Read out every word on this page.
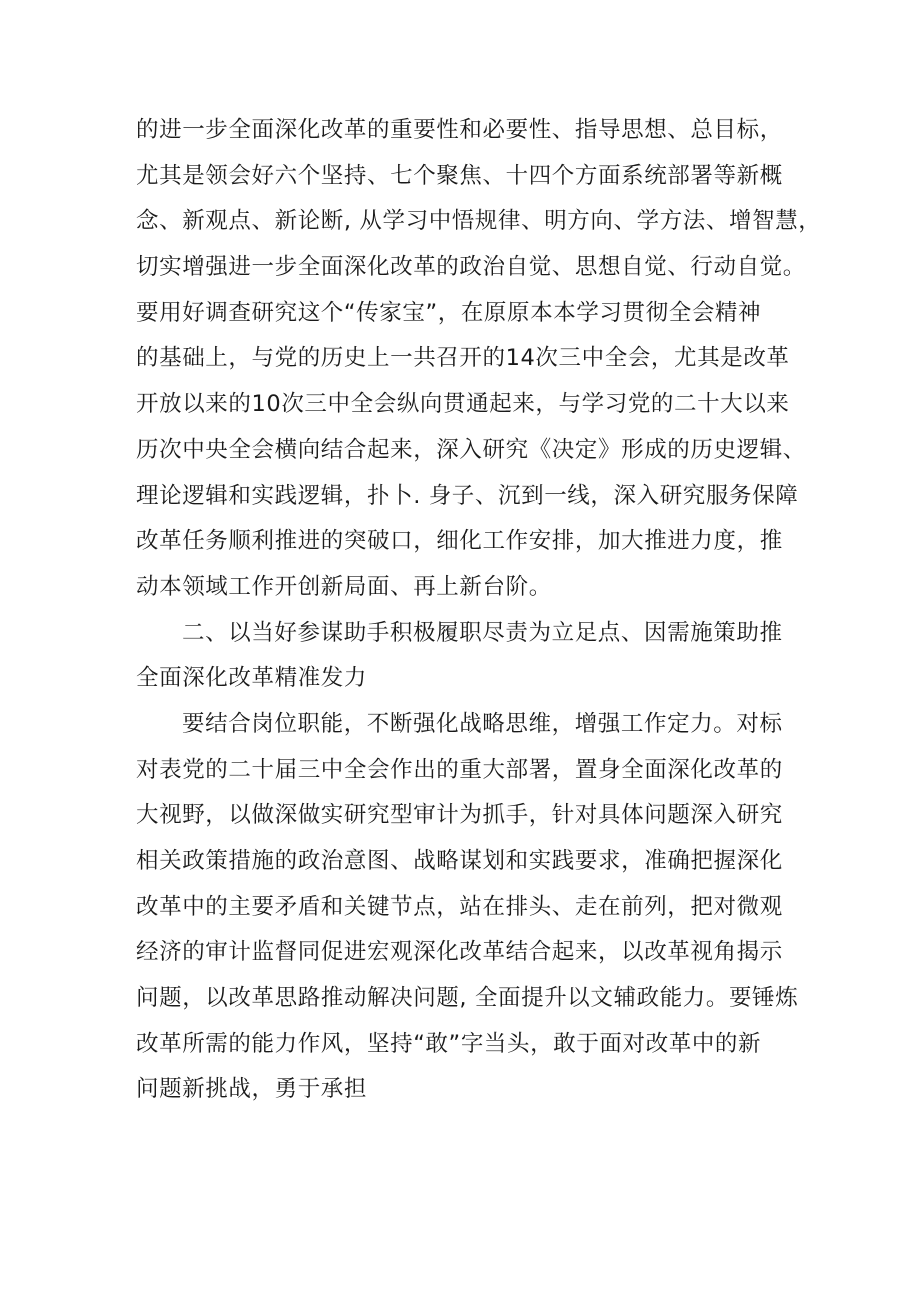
的进一步全面深化改革的重要性和必要性、指导思想、总目标，
尤其是领会好六个坚持、七个聚焦、十四个方面系统部署等新概
念、新观点、新论断, 从学习中悟规律、明方向、学方法、增智慧，
切实增强进一步全面深化改革的政治自觉、思想自觉、行动自觉。
要用好调查研究这个“传家宝”，在原原本本学习贯彻全会精神
的基础上，与党的历史上一共召开的14次三中全会，尤其是改革
开放以来的10次三中全会纵向贯通起来，与学习党的二十大以来
历次中央全会横向结合起来，深入研究《决定》形成的历史逻辑、
理论逻辑和实践逻辑，扑卜. 身子、沉到一线，深入研究服务保障
改革任务顺利推进的突破口，细化工作安排，加大推进力度，推
动本领域工作开创新局面、再上新台阶。
二、以当好参谋助手积极履职尽责为立足点、因需施策助推
全面深化改革精准发力
要结合岗位职能，不断强化战略思维，增强工作定力。对标
对表党的二十届三中全会作出的重大部署，置身全面深化改革的
大视野，以做深做实研究型审计为抓手，针对具体问题深入研究
相关政策措施的政治意图、战略谋划和实践要求，准确把握深化
改革中的主要矛盾和关键节点，站在排头、走在前列，把对微观
经济的审计监督同促进宏观深化改革结合起来，以改革视角揭示
问题，以改革思路推动解决问题, 全面提升以文辅政能力。要锤炼
改革所需的能力作风，坚持“敢”字当头，敢于面对改革中的新
问题新挑战，勇于承担
